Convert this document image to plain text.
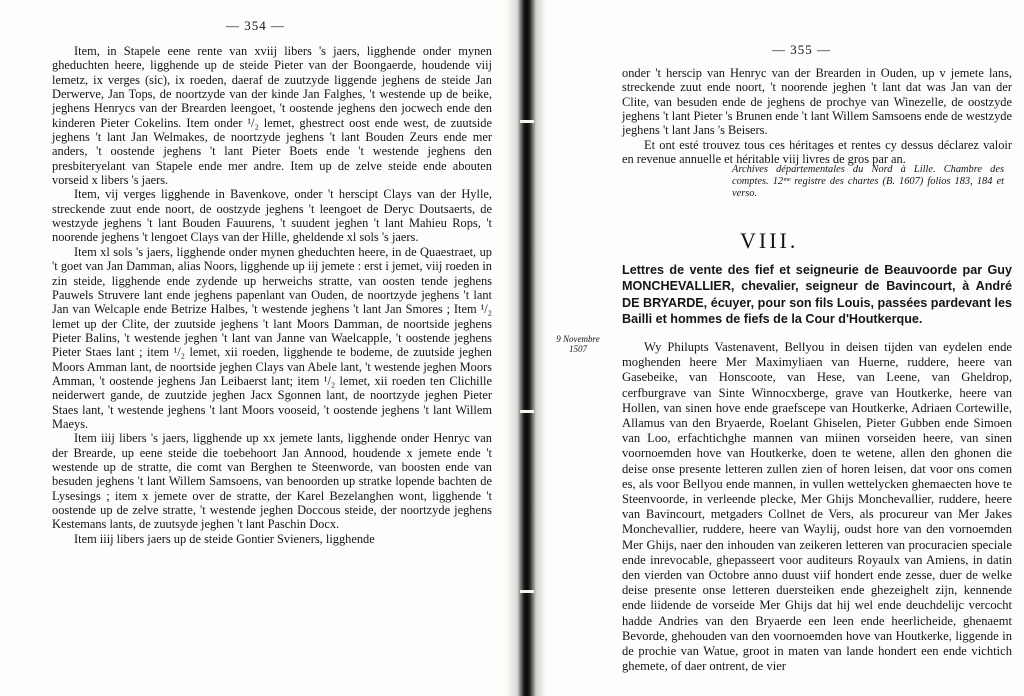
— 354 —

Item, in Stapele eene rente van xviij libers 's jaers, ligghende onder mynen gheduchten heere, ligghende up de steide Pieter van der Boongaerde, houdende viij lemetz, ix verges (sic), ix roeden, daeraf de zuutzyde liggende jeghens de steide Jan Derwerve, Jan Tops, de noortzyde van der kinde Jan Falghes, 't westende up de beike, jeghens Henrycs van der Brearden leengoet, 't oostende jeghens den jocwech ende den kinderen Pieter Cokelins. Item onder ¹/₂ lemet, ghestrect oost ende west, de zuutside jeghens 't lant Jan Welmakes, de noortzyde jeghens 't lant Bouden Zeurs ende mer anders, 't oostende jeghens 't lant Pieter Boets ende 't westende jeghens den presbiteryelant van Stapele ende mer andre. Item up de zelve steide ende abouten vorseid x libers 's jaers.

Item, vij verges ligghende in Bavenkove, onder 't herscipt Clays van der Hylle, streckende zuut ende noort, de oostzyde jeghens 't leengoet de Deryc Doutsaerts, de westzyde jeghens 't lant Bouden Fauurens, 't suudent jeghen 't lant Mahieu Rops, 't noorende jeghens 't lengoet Clays van der Hille, gheldende xl sols 's jaers.

Item xl sols 's jaers, ligghende onder mynen gheduchten heere, in de Quaestraet, up 't goet van Jan Damman, alias Noors, ligghende up iij jemete : erst i jemet, viij roeden in zin steide, ligghende ende zydende up herweichs stratte, van oosten tende jeghens Pauwels Struvere lant ende jeghens papenlant van Ouden, de noortzyde jeghens 't lant Jan van Welcaple ende Betrize Halbes, 't westende jeghens 't lant Jan Smores ; Item ¹/₂ lemet up der Clite, der zuutside jeghens 't lant Moors Damman, de noortside jeghens Pieter Balins, 't westende jeghen 't lant van Janne van Waelcapple, 't oostende jeghens Pieter Staes lant ; item ¹/₂ lemet, xii roeden, ligghende te bodeme, de zuutside jeghen Moors Amman lant, de noortside jeghen Clays van Abele lant, 't westende jeghen Moors Amman, 't oostende jeghens Jan Leibaerst lant; item ¹/₂ lemet, xii roeden ten Clichille neiderwert gande, de zuutzide jeghen Jacx Sgonnen lant, de noortzyde jeghen Pieter Staes lant, 't westende jeghens 't lant Moors vooseid, 't oostende jeghens 't lant Willem Maeys.

Item iiij libers 's jaers, ligghende up xx jemete lants, ligghende onder Henryc van der Brearde, up eene steide die toebehoort Jan Annood, houdende x jemete ende 't westende up de stratte, die comt van Berghen te Steenworde, van boosten ende van besuden jeghens 't lant Willem Samsoens, van benoorden up stratke lopende bachten de Lysesings ; item x jemete over de stratte, der Karel Bezelanghen wont, ligghende 't oostende up de zelve stratte, 't westende jeghen Doccous steide, der noortzyde jeghens Kestemans lants, de zuutsyde jeghen 't lant Paschin Docx.

Item iiij libers jaers up de steide Gontier Svieners, ligghende

— 355 —

onder 't herscip van Henryc van der Brearden in Ouden, up v jemete lans, streckende zuut ende noort, 't noorende jeghen 't lant dat was Jan van der Clite, van besuden ende de jeghens de prochye van Winezelle, de oostzyde jeghens 't lant Pieter 's Brunen ende 't lant Willem Samsoens ende de westzyde jeghens 't lant Jans 's Beisers.

Et ont esté trouvez tous ces héritages et rentes cy dessus déclarez valoir en revenue annuelle et héritable viij livres de gros par an.

Archives départementales du Nord à Lille. Chambre des comptes. 12ᵐᵉ registre des chartes (B. 1607) folios 183, 184 et verso.
VIII.
Lettres de vente des fief et seigneurie de Beauvoorde par Guy MONCHEVALLIER, chevalier, seigneur de Bavincourt, à André DE BRYARDE, écuyer, pour son fils Louis, passées pardevant les Bailli et hommes de fiefs de la Cour d'Houtkerque.

Wy Philupts Vastenavent, Bellyou in deisen tijden van eydelen ende moghenden heere Mer Maximyliaen van Huerne, ruddere, heere van Gasebeike, van Honscoote, van Hese, van Leene, van Gheldrop, cerfburgrave van Sinte Winnocxberge, grave van Houtkerke, heere van Hollen, van sinen hove ende graefscepe van Houtkerke, Adriaen Cortewille, Allamus van den Bryaerde, Roelant Ghiselen, Pieter Gubben ende Simoen van Loo, erfachtichghe mannen van miinen vorseiden heere, van sinen voornoemden hove van Houtkerke, doen te wetene, allen den ghonen die deise onse presente letteren zullen zien of horen leisen, dat voor ons comen es, als voor Bellyou ende mannen, in vullen wettelycken ghemaecten hove te Steenvoorde, in verleende plecke, Mer Ghijs Monchevallier, ruddere, heere van Bavincourt, metgaders Collnet de Vers, als procureur van Mer Jakes Monchevallier, ruddere, heere van Waylij, oudst hore van den vornoemden Mer Ghijs, naer den inhouden van zeikeren letteren van procuracien speciale ende inrevocable, ghepasseert voor auditeurs Royaulx van Amiens, in datin den vierden van Octobre anno duust viif hondert ende zesse, duer de welke deise presente onse letteren duersteiken ende ghezeighelt zijn, kennende ende liidende de vorseide Mer Ghijs dat hij wel ende deuchdelijc vercocht hadde Andries van den Bryaerde een leen ende heerlicheide, ghenaemt Bevorde, ghehouden van den voornoemden hove van Houtkerke, liggende in de prochie van Watue, groot in maten van lande hondert een ende vichtich ghemete, of daer ontrent, de vier

9 Novembre 1507
